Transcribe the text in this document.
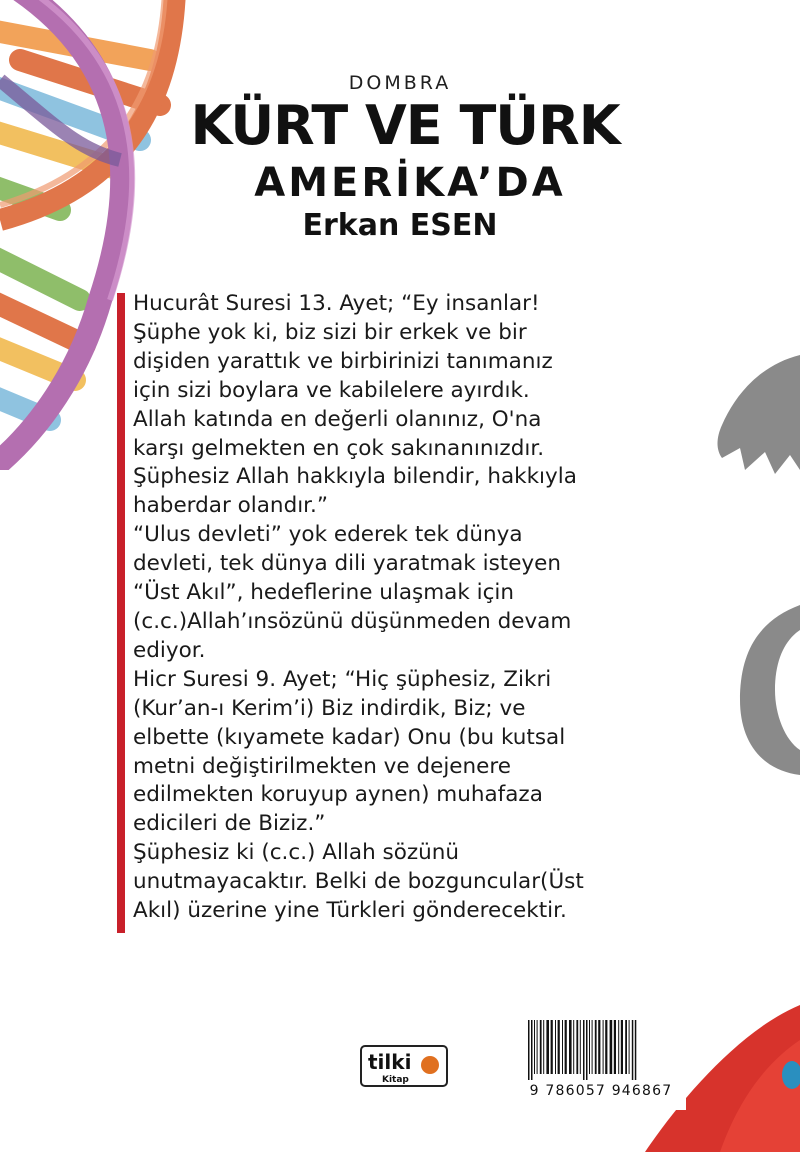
DOMBRA
KÜRT VE TÜRK
AMERİKA’DA
Erkan ESEN
Hucurât Suresi 13. Ayet; “Ey insanlar!
Şüphe yok ki, biz sizi bir erkek ve bir
dişiden yarattık ve birbirinizi tanımanız
için sizi boylara ve kabilelere ayırdık.
Allah katında en değerli olanınız, O'na
karşı gelmekten en çok sakınanınızdır.
Şüphesiz Allah hakkıyla bilendir, hakkıyla
haberdar olandır.”
“Ulus devleti” yok ederek tek dünya
devleti, tek dünya dili yaratmak isteyen
“Üst Akıl”, hedeflerine ulaşmak için
(c.c.)Allah’ınsözünü düşünmeden devam
ediyor.
Hicr Suresi 9. Ayet; “Hiç şüphesiz, Zikri
(Kur’an-ı Kerim’i) Biz indirdik, Biz; ve
elbette (kıyamete kadar) Onu (bu kutsal
metni değiştirilmekten ve dejenere
edilmekten koruyup aynen) muhafaza
edicileri de Biziz.”
Şüphesiz ki (c.c.) Allah sözünü
unutmayacaktır. Belki de bozguncular(Üst
Akıl) üzerine yine Türkleri gönderecektir.
tilki
Kitap
9 786057 946867
